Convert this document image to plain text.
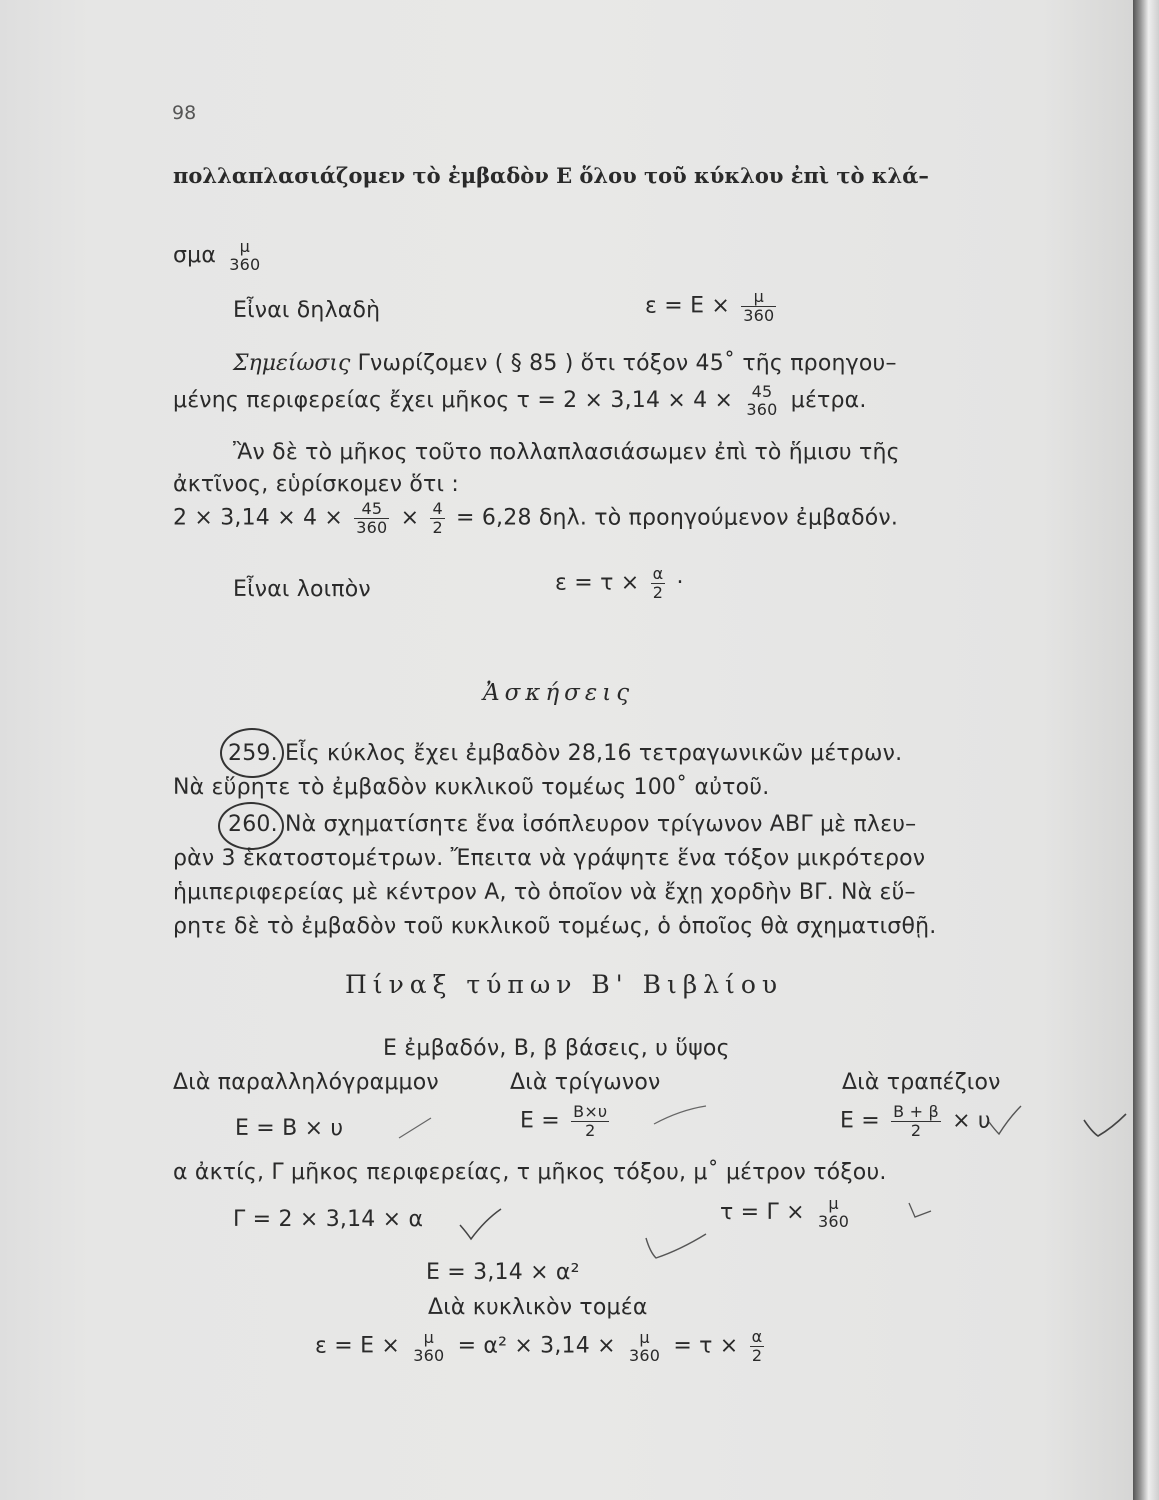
98
πολλαπλασιάζομεν τὸ ἐμβαδὸν Ε ὅλου τοῦ κύκλου ἐπὶ τὸ κλά–
σμα	μ
360
Εἶναι δηλαδὴ	$\varepsilon = E \times \frac{\mu}{360}$
Σημείωσις Γνωρίζομεν ( § 85 ) ὅτι τόξον 45˚ τῆς προηγου–
μένης περιφερείας ἔχει μῆκος τ = 2 × 3,14 × 4 ×	45
360 μέτρα.
Ἂν δὲ τὸ μῆκος τοῦτο πολλαπλασιάσωμεν ἐπὶ τὸ ἥμισυ τῆς
ἀκτῖνος, εὑρίσκομεν ὅτι :
$2 \times 3,14 \times 4 \times \frac{45}{360} \times \frac{4}{2} = 6,28$ δηλ. τὸ προηγούμενον ἐμβαδόν.
Εἶναι λοιπὸν	$\varepsilon = \tau \times \frac{\alpha}{2}$ ·
Ἀσκήσεις
259. Εἷς κύκλος ἔχει ἐμβαδὸν 28,16 τετραγωνικῶν μέτρων.
Νὰ εὕρητε τὸ ἐμβαδὸν κυκλικοῦ τομέως 100˚ αὐτοῦ.
260. Νὰ σχηματίσητε ἕνα ἰσόπλευρον τρίγωνον ΑΒΓ μὲ πλευ–
ρὰν 3 ἑκατοστομέτρων. Ἔπειτα νὰ γράψητε ἕνα τόξον μικρότερον
ἡμιπεριφερείας μὲ κέντρον Α, τὸ ὁποῖον νὰ ἔχῃ χορδὴν ΒΓ. Νὰ εὕ–
ρητε δὲ τὸ ἐμβαδὸν τοῦ κυκλικοῦ τομέως, ὁ ὁποῖος θὰ σχηματισθῇ.
Πίναξ τύπων Β' Βιβλίου
Ε ἐμβαδόν, Β, β βάσεις, υ ὕψος
Διὰ παραλληλόγραμμον	Διὰ τρίγωνον	Διὰ τραπέζιον
Ε = Β × υ	$E = \frac{B\times\upsilon}{2}$	$E = \frac{B + \beta}{2} \times \upsilon$
α ἀκτίς, Γ μῆκος περιφερείας, τ μῆκος τόξου, μ˚ μέτρον τόξου.
Γ = 2 × 3,14 × α	τ = Γ ×	μ
360
Ε = 3,14 × α²
Διὰ κυκλικὸν τομέα
ε = Ε ×	μ
360 = α² × 3,14 ×	μ
$360 = \tau \times \frac{\alpha}{2}$
